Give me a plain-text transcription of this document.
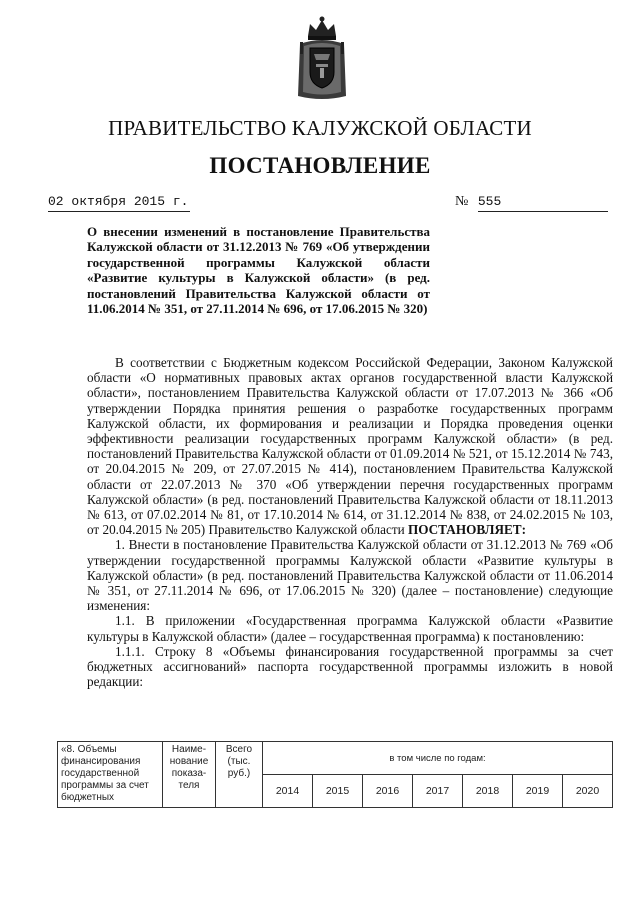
ПРАВИТЕЛЬСТВО КАЛУЖСКОЙ ОБЛАСТИ
ПОСТАНОВЛЕНИЕ
02 октября 2015 г.	№ 555
О внесении изменений в постановление Правительства Калужской области от 31.12.2013 № 769 «Об утверждении государственной программы Калужской области «Развитие культуры в Калужской области» (в ред. постановлений Правительства Калужской области от 11.06.2014 № 351, от 27.11.2014 № 696, от 17.06.2015 № 320)

В соответствии с Бюджетным кодексом Российской Федерации, Законом Калужской области «О нормативных правовых актах органов государственной власти Калужской области», постановлением Правительства Калужской области от 17.07.2013 № 366 «Об утверждении Порядка принятия решения о разработке государственных программ Калужской области, их формирования и реализации и Порядка проведения оценки эффективности реализации государственных программ Калужской области» (в ред. постановлений Правительства Калужской области от 01.09.2014 № 521, от 15.12.2014 № 743, от 20.04.2015 № 209, от 27.07.2015 № 414), постановлением Правительства Калужской области от 22.07.2013 № 370 «Об утверждении перечня государственных программ Калужской области» (в ред. постановлений Правительства Калужской области от 18.11.2013 № 613, от 07.02.2014 № 81, от 17.10.2014 № 614, от 31.12.2014 № 838, от 24.02.2015 № 103, от 20.04.2015 № 205) Правительство Калужской области ПОСТАНОВЛЯЕТ:

1. Внести в постановление Правительства Калужской области от 31.12.2013 № 769 «Об утверждении государственной программы Калужской области «Развитие культуры в Калужской области» (в ред. постановлений Правительства Калужской области от 11.06.2014 № 351, от 27.11.2014 № 696, от 17.06.2015 № 320) (далее – постановление) следующие изменения:

1.1. В приложении «Государственная программа Калужской области «Развитие культуры в Калужской области» (далее – государственная программа) к постановлению:

1.1.1. Строку 8 «Объемы финансирования государственной программы за счет бюджетных ассигнований» паспорта государственной программы изложить в новой редакции:

«8. Объемы финансирования государственной программы за счет бюджетных	Наиме-нование показа-теля	Всего (тыс. руб.)	в том числе по годам:						
			2014	2015	2016	2017	2018	2019	2020
